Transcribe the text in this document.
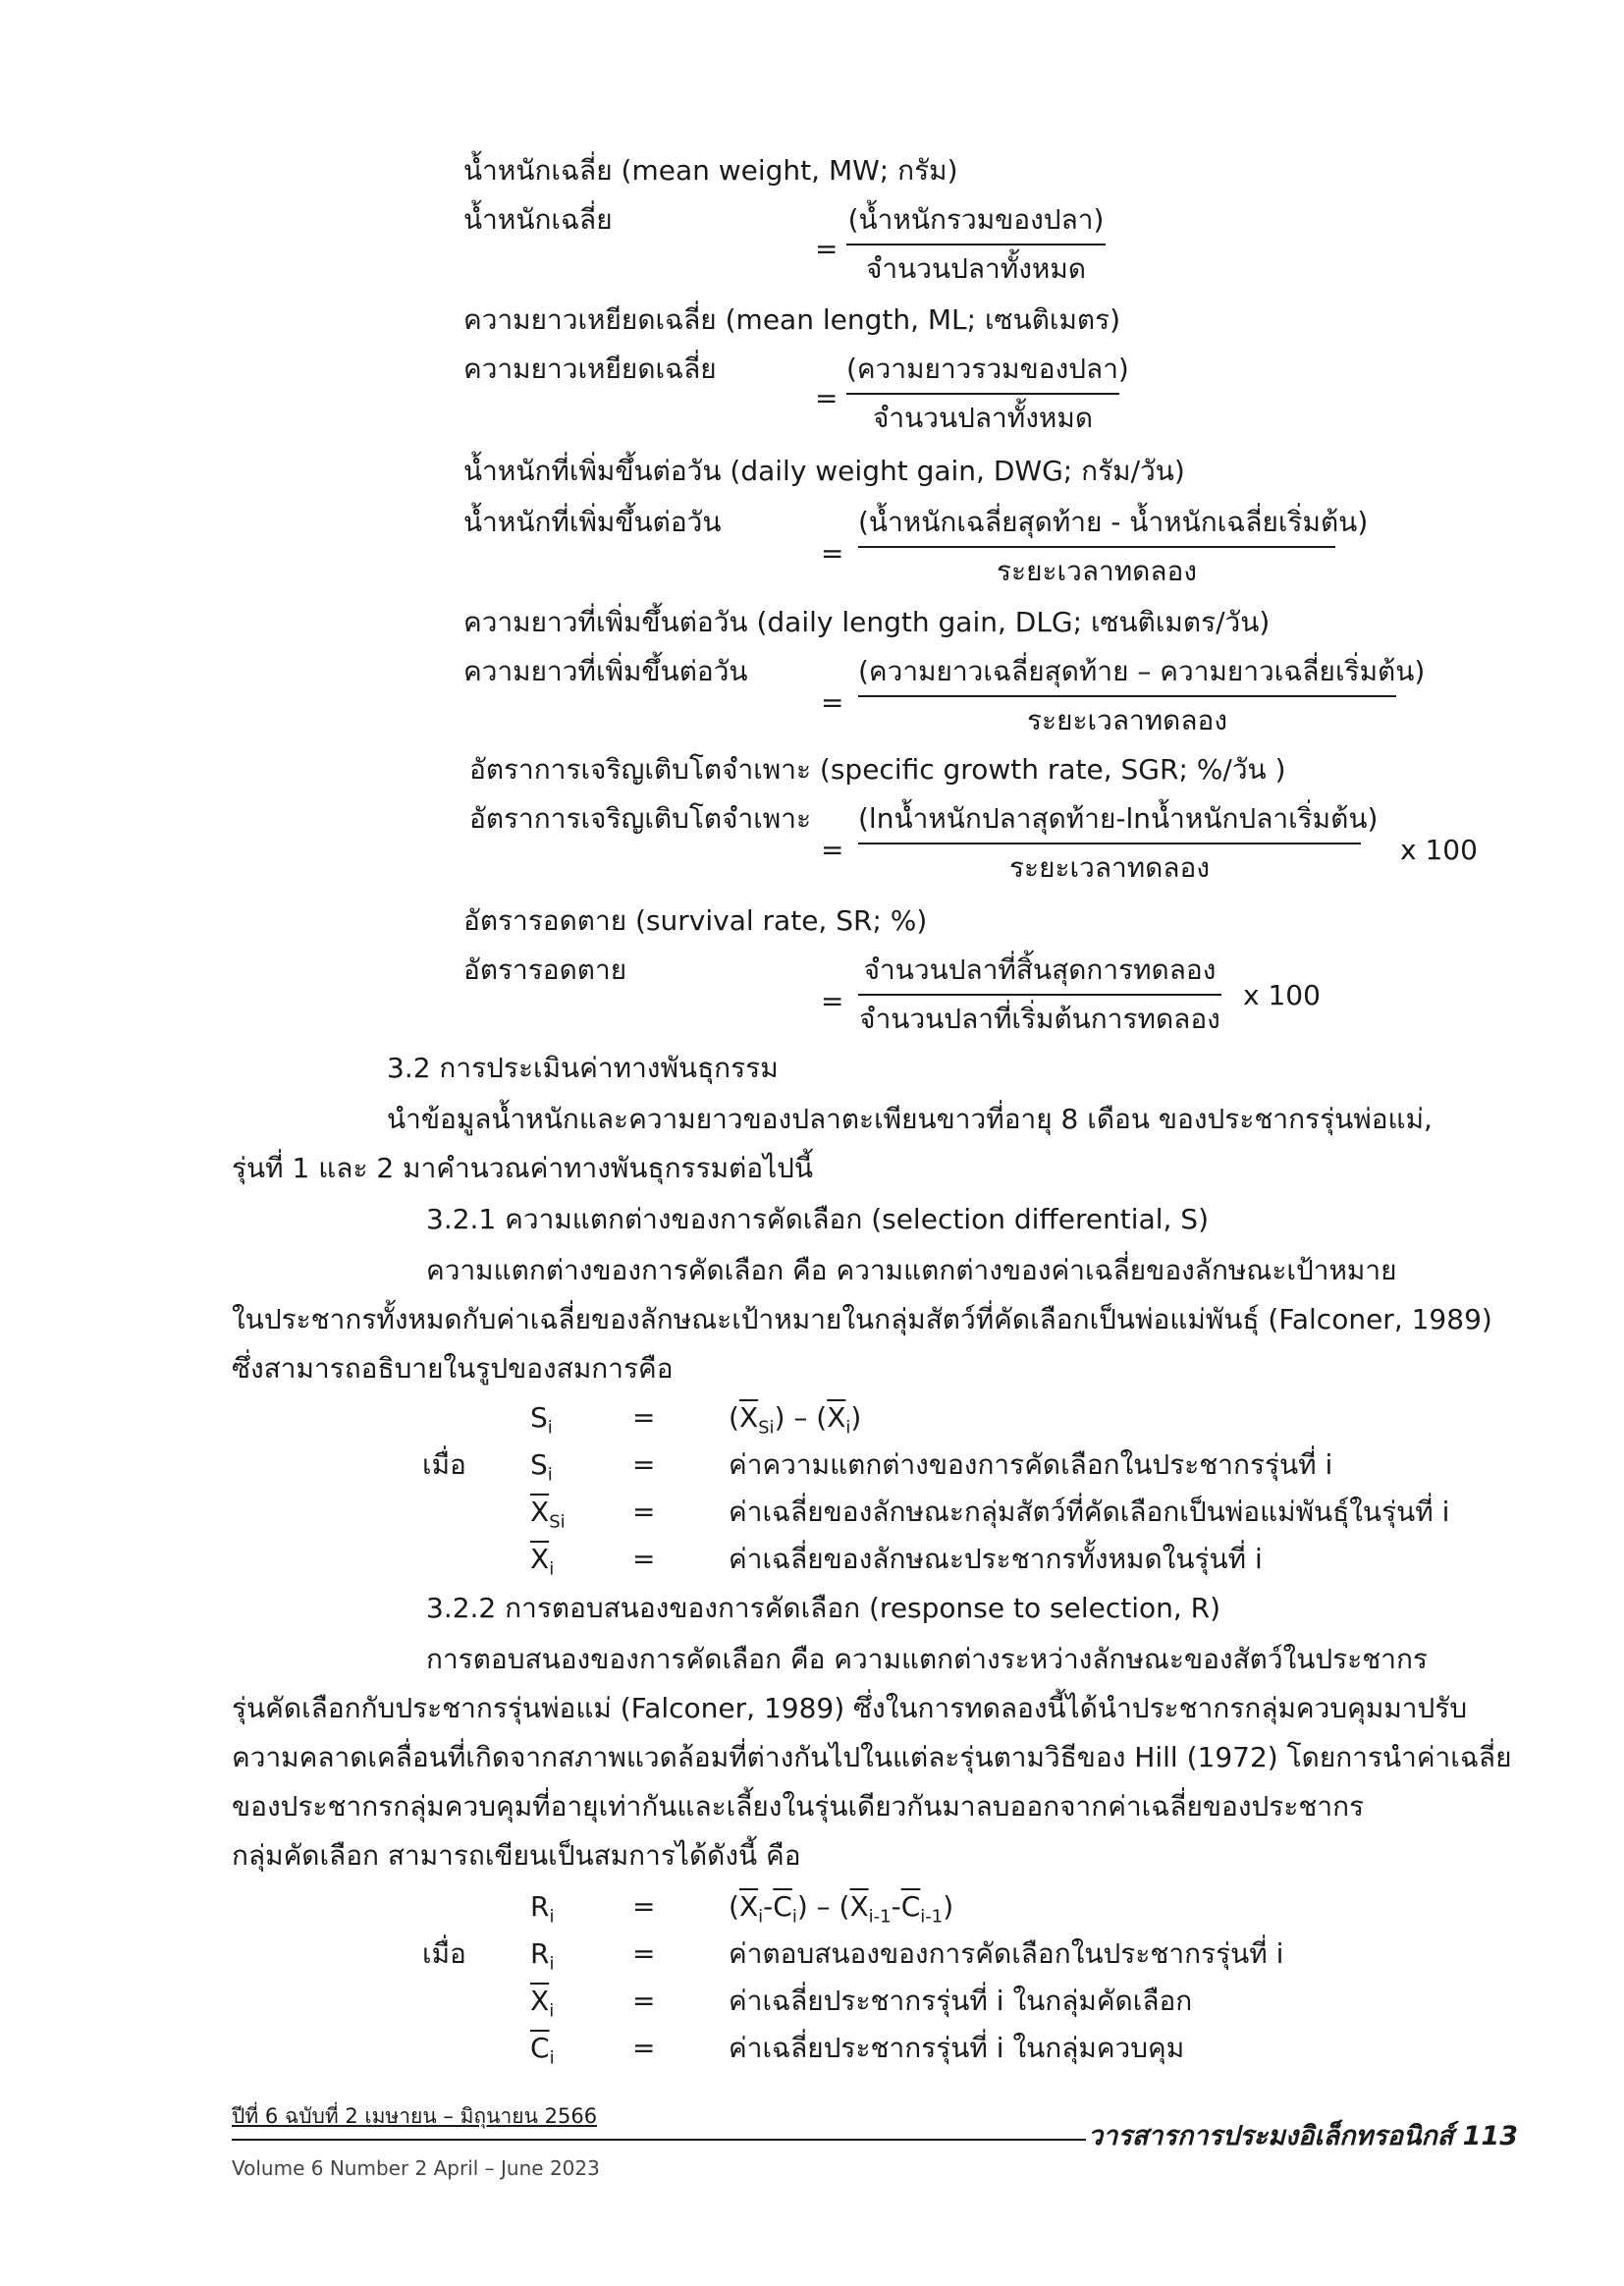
น้ำหนักเฉลี่ย (mean weight, MW; กรัม)
น้ำหนักเฉลี่ย
=
(น้ำหนักรวมของปลา)
จำนวนปลาทั้งหมด
ความยาวเหยียดเฉลี่ย (mean length, ML; เซนติเมตร)
ความยาวเหยียดเฉลี่ย
=
(ความยาวรวมของปลา)
จำนวนปลาทั้งหมด
น้ำหนักที่เพิ่มขึ้นต่อวัน (daily weight gain, DWG; กรัม/วัน)
น้ำหนักที่เพิ่มขึ้นต่อวัน
=
(น้ำหนักเฉลี่ยสุดท้าย - น้ำหนักเฉลี่ยเริ่มต้น)
ระยะเวลาทดลอง
ความยาวที่เพิ่มขึ้นต่อวัน (daily length gain, DLG; เซนติเมตร/วัน)
ความยาวที่เพิ่มขึ้นต่อวัน
=
(ความยาวเฉลี่ยสุดท้าย – ความยาวเฉลี่ยเริ่มต้น)
ระยะเวลาทดลอง
อัตราการเจริญเติบโตจำเพาะ (specific growth rate, SGR; %/วัน )
อัตราการเจริญเติบโตจำเพาะ
=
(lnน้ำหนักปลาสุดท้าย-lnน้ำหนักปลาเริ่มต้น)
ระยะเวลาทดลอง
x 100
อัตรารอดตาย (survival rate, SR; %)
อัตรารอดตาย
=
จำนวนปลาที่สิ้นสุดการทดลอง
จำนวนปลาที่เริ่มต้นการทดลอง
x 100
3.2 การประเมินค่าทางพันธุกรรม
นำข้อมูลน้ำหนักและความยาวของปลาตะเพียนขาวที่อายุ 8 เดือน ของประชากรรุ่นพ่อแม่,
รุ่นที่ 1 และ 2 มาคำนวณค่าทางพันธุกรรมต่อไปนี้
3.2.1 ความแตกต่างของการคัดเลือก (selection differential, S)
ความแตกต่างของการคัดเลือก คือ ความแตกต่างของค่าเฉลี่ยของลักษณะเป้าหมาย
ในประชากรทั้งหมดกับค่าเฉลี่ยของลักษณะเป้าหมายในกลุ่มสัตว์ที่คัดเลือกเป็นพ่อแม่พันธุ์ (Falconer, 1989)
ซึ่งสามารถอธิบายในรูปของสมการคือ
$S_i$	=	$(\overline{X}_{Si}) - (\overline{X}_i)$
เมื่อ $S_i$	=	ค่าความแตกต่างของการคัดเลือกในประชากรรุ่นที่ i
$\overline{X}_{Si}$ =	ค่าเฉลี่ยของลักษณะกลุ่มสัตว์ที่คัดเลือกเป็นพ่อแม่พันธุ์ในรุ่นที่ i
$\overline{X}_i$	=	ค่าเฉลี่ยของลักษณะประชากรทั้งหมดในรุ่นที่ i
3.2.2 การตอบสนองของการคัดเลือก (response to selection, R)
การตอบสนองของการคัดเลือก คือ ความแตกต่างระหว่างลักษณะของสัตว์ในประชากร
รุ่นคัดเลือกกับประชากรรุ่นพ่อแม่ (Falconer, 1989) ซึ่งในการทดลองนี้ได้นำประชากรกลุ่มควบคุมมาปรับ
ความคลาดเคลื่อนที่เกิดจากสภาพแวดล้อมที่ต่างกันไปในแต่ละรุ่นตามวิธีของ Hill (1972) โดยการนำค่าเฉลี่ย
ของประชากรกลุ่มควบคุมที่อายุเท่ากันและเลี้ยงในรุ่นเดียวกันมาลบออกจากค่าเฉลี่ยของประชากร
กลุ่มคัดเลือก สามารถเขียนเป็นสมการได้ดังนี้ คือ
$R_i$	=	$(\overline{X}_i-\overline{C}_i) - (\overline{X}_{i-1}-\overline{C}_{i-1})$
เมื่อ $R_i$	=	ค่าตอบสนองของการคัดเลือกในประชากรรุ่นที่ i
$\overline{X}_i$	=	ค่าเฉลี่ยประชากรรุ่นที่ i ในกลุ่มคัดเลือก
$\overline{C}_i$	=	ค่าเฉลี่ยประชากรรุ่นที่ i ในกลุ่มควบคุม
ปีที่ 6 ฉบับที่ 2 เมษายน – มิถุนายน 2566
Volume 6 Number 2 April – June 2023
วารสารการประมงอิเล็กทรอนิกส์ 113
